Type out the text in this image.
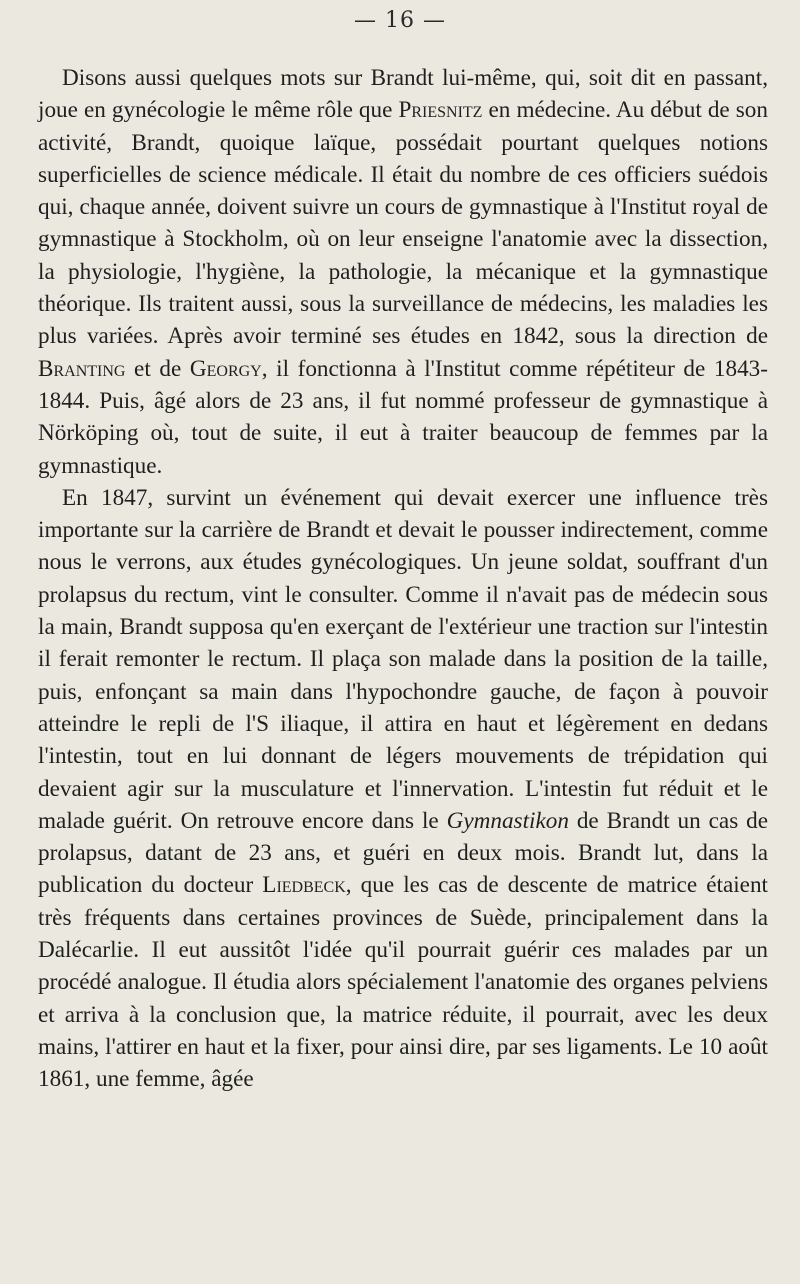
— 16 —

Disons aussi quelques mots sur Brandt lui-même, qui, soit dit en passant, joue en gynécologie le même rôle que Priesnitz en médecine. Au début de son activité, Brandt, quoique laïque, possédait pourtant quelques notions superficielles de science médicale. Il était du nombre de ces officiers suédois qui, chaque année, doivent suivre un cours de gymnastique à l'Institut royal de gymnastique à Stockholm, où on leur enseigne l'anatomie avec la dissection, la physiologie, l'hygiène, la pathologie, la mécanique et la gymnastique théorique. Ils traitent aussi, sous la surveillance de médecins, les maladies les plus variées. Après avoir terminé ses études en 1842, sous la direction de Branting et de Georgy, il fonctionna à l'Institut comme répétiteur de 1843-1844. Puis, âgé alors de 23 ans, il fut nommé professeur de gymnastique à Nörköping où, tout de suite, il eut à traiter beaucoup de femmes par la gymnastique.

En 1847, survint un événement qui devait exercer une influence très importante sur la carrière de Brandt et devait le pousser indirectement, comme nous le verrons, aux études gynécologiques. Un jeune soldat, souffrant d'un prolapsus du rectum, vint le consulter. Comme il n'avait pas de médecin sous la main, Brandt supposa qu'en exerçant de l'extérieur une traction sur l'intestin il ferait remonter le rectum. Il plaça son malade dans la position de la taille, puis, enfonçant sa main dans l'hypochondre gauche, de façon à pouvoir atteindre le repli de l'S iliaque, il attira en haut et légèrement en dedans l'intestin, tout en lui donnant de légers mouvements de trépidation qui devaient agir sur la musculature et l'innervation. L'intestin fut réduit et le malade guérit. On retrouve encore dans le Gymnastikon de Brandt un cas de prolapsus, datant de 23 ans, et guéri en deux mois. Brandt lut, dans la publication du docteur Liedbeck, que les cas de descente de matrice étaient très fréquents dans certaines provinces de Suède, principalement dans la Dalécarlie. Il eut aussitôt l'idée qu'il pourrait guérir ces malades par un procédé analogue. Il étudia alors spécialement l'anatomie des organes pelviens et arriva à la conclusion que, la matrice réduite, il pourrait, avec les deux mains, l'attirer en haut et la fixer, pour ainsi dire, par ses ligaments. Le 10 août 1861, une femme, âgée
